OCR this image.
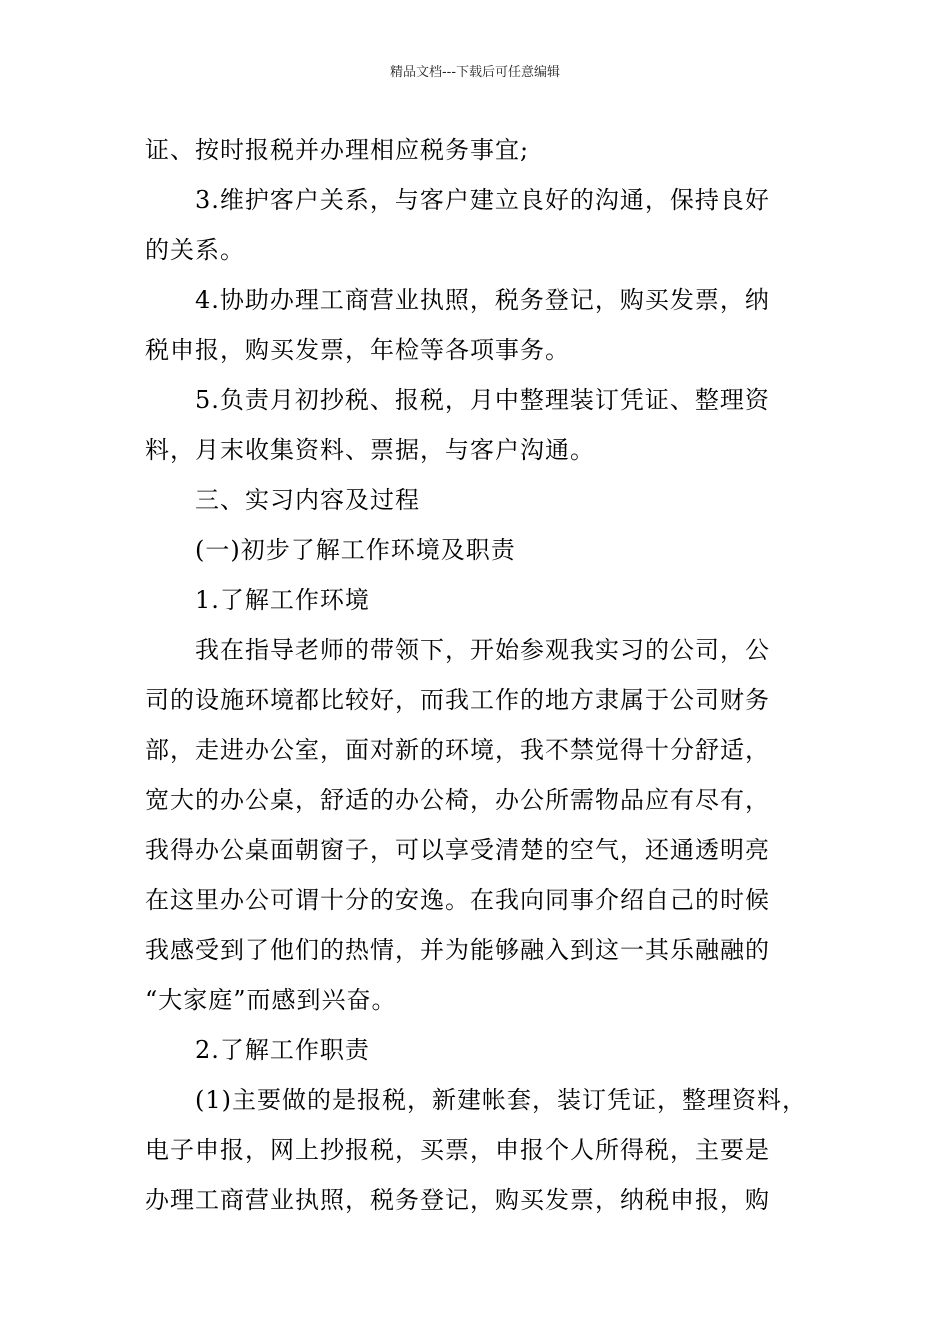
精品文档---下载后可任意编辑
证、按时报税并办理相应税务事宜;
3.维护客户关系，与客户建立良好的沟通，保持良好
的关系。
4.协助办理工商营业执照，税务登记，购买发票，纳
税申报，购买发票，年检等各项事务。
5.负责月初抄税、报税，月中整理装订凭证、整理资
料，月末收集资料、票据，与客户沟通。
三、实习内容及过程
(一)初步了解工作环境及职责
1.了解工作环境
我在指导老师的带领下，开始参观我实习的公司，公
司的设施环境都比较好，而我工作的地方隶属于公司财务
部，走进办公室，面对新的环境，我不禁觉得十分舒适，
宽大的办公桌，舒适的办公椅，办公所需物品应有尽有，
我得办公桌面朝窗子，可以享受清楚的空气，还通透明亮
在这里办公可谓十分的安逸。在我向同事介绍自己的时候
我感受到了他们的热情，并为能够融入到这一其乐融融的
“大家庭”而感到兴奋。
2.了解工作职责
(1)主要做的是报税，新建帐套，装订凭证，整理资料，
电子申报，网上抄报税，买票，申报个人所得税，主要是
办理工商营业执照，税务登记，购买发票，纳税申报，购
